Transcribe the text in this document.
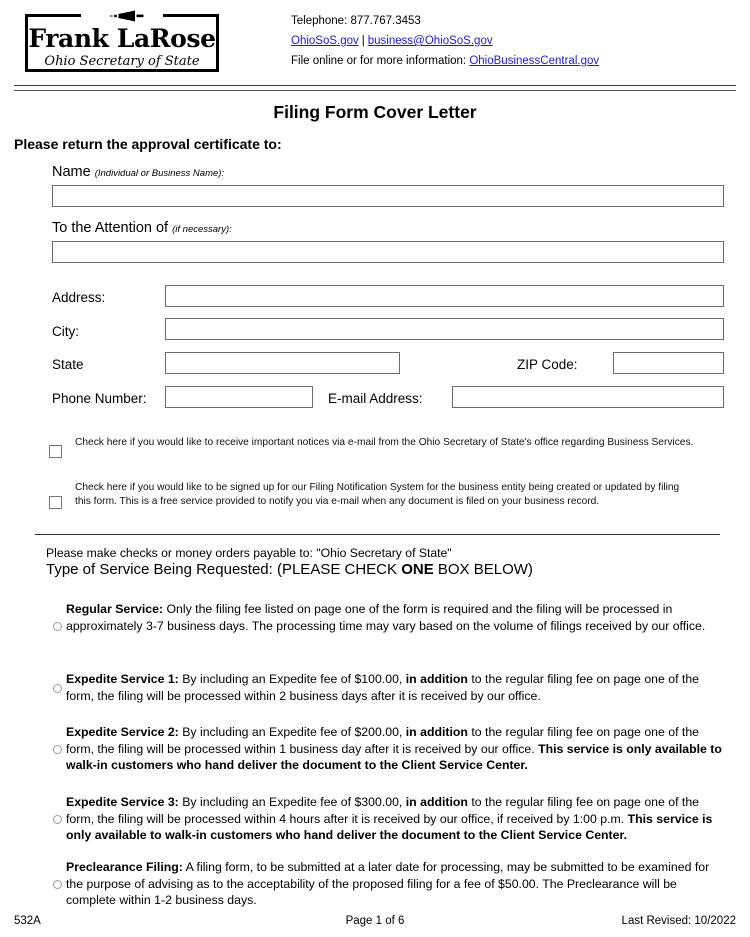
Frank LaRose
Ohio Secretary of State
Telephone: 877.767.3453
OhioSoS.gov | business@OhioSoS.gov
File online or for more information: OhioBusinessCentral.gov
Filing Form Cover Letter
Please return the approval certificate to:
Name (Individual or Business Name):
To the Attention of (if necessary):
Address:
City:
State	ZIP Code:
Phone Number:	E-mail Address:
Check here if you would like to receive important notices via e-mail from the Ohio Secretary of State's office regarding Business Services.
Check here if you would like to be signed up for our Filing Notification System for the business entity being created or updated by filing this form. This is a free service provided to notify you via e-mail when any document is filed on your business record.
Please make checks or money orders payable to: "Ohio Secretary of State"
Type of Service Being Requested: (PLEASE CHECK ONE BOX BELOW)
Regular Service: Only the filing fee listed on page one of the form is required and the filing will be processed in approximately 3-7 business days. The processing time may vary based on the volume of filings received by our office.
Expedite Service 1: By including an Expedite fee of $100.00, in addition to the regular filing fee on page one of the form, the filing will be processed within 2 business days after it is received by our office.
Expedite Service 2: By including an Expedite fee of $200.00, in addition to the regular filing fee on page one of the form, the filing will be processed within 1 business day after it is received by our office. This service is only available to walk-in customers who hand deliver the document to the Client Service Center.
Expedite Service 3: By including an Expedite fee of $300.00, in addition to the regular filing fee on page one of the form, the filing will be processed within 4 hours after it is received by our office, if received by 1:00 p.m. This service is only available to walk-in customers who hand deliver the document to the Client Service Center.
Preclearance Filing: A filing form, to be submitted at a later date for processing, may be submitted to be examined for the purpose of advising as to the acceptability of the proposed filing for a fee of $50.00. The Preclearance will be complete within 1-2 business days.
532A	Page 1 of 6	Last Revised: 10/2022
